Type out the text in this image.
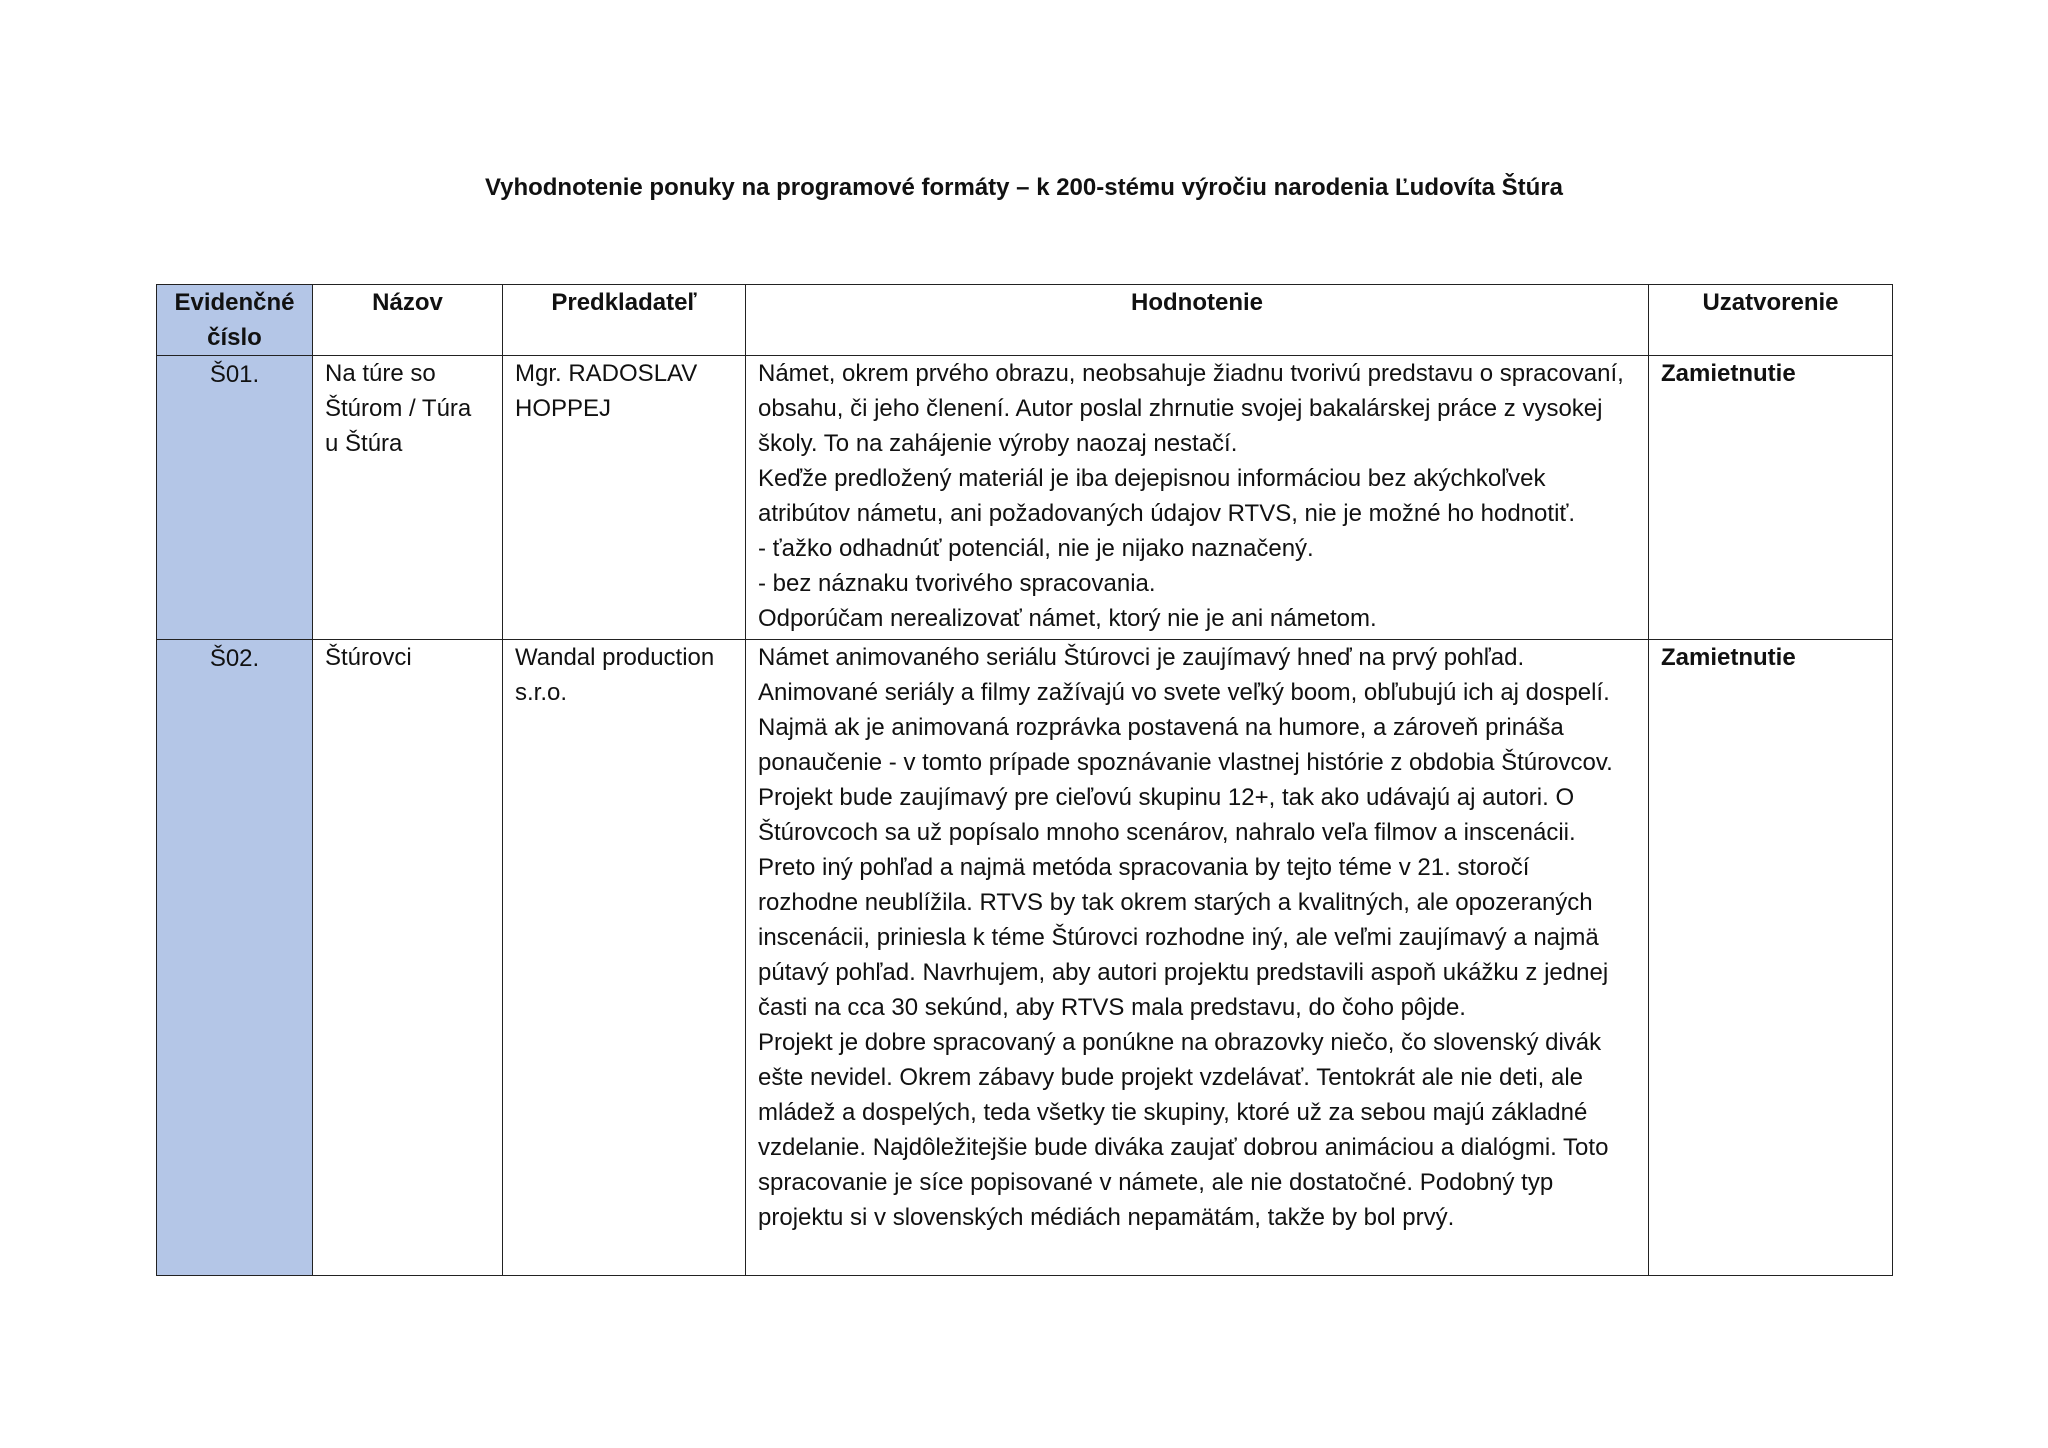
Vyhodnotenie ponuky na programové formáty – k 200-stému výročiu narodenia Ľudovíta Štúra
Evidenčné číslo	Názov	Predkladateľ	Hodnotenie	Uzatvorenie
Š01.	Na túre so Štúrom / Túra u Štúra	Mgr. RADOSLAV HOPPEJ	Námet, okrem prvého obrazu, neobsahuje žiadnu tvorivú predstavu o spracovaní, obsahu, či jeho členení. Autor poslal zhrnutie svojej bakalárskej práce z vysokej školy. To na zahájenie výroby naozaj nestačí.
Keďže predložený materiál je iba dejepisnou informáciou bez akýchkoľvek atribútov námetu, ani požadovaných údajov RTVS, nie je možné ho hodnotiť.
- ťažko odhadnúť potenciál, nie je nijako naznačený.
- bez náznaku tvorivého spracovania.
Odporúčam nerealizovať námet, ktorý nie je ani námetom.	Zamietnutie
Š02.	Štúrovci	Wandal production s.r.o.	Námet animovaného seriálu Štúrovci je zaujímavý hneď na prvý pohľad. Animované seriály a filmy zažívajú vo svete veľký boom, obľubujú ich aj dospelí. Najmä ak je animovaná rozprávka postavená na humore, a zároveň prináša ponaučenie - v tomto prípade spoznávanie vlastnej histórie z obdobia Štúrovcov. Projekt bude zaujímavý pre cieľovú skupinu 12+, tak ako udávajú aj autori. O Štúrovcoch sa už popísalo mnoho scenárov, nahralo veľa filmov a inscenácii. Preto iný pohľad a najmä metóda spracovania by tejto téme v 21. storočí rozhodne neublížila. RTVS by tak okrem starých a kvalitných, ale opozeraných inscenácii, priniesla k téme Štúrovci rozhodne iný, ale veľmi zaujímavý a najmä pútavý pohľad. Navrhujem, aby autori projektu predstavili aspoň ukážku z jednej časti na cca 30 sekúnd, aby RTVS mala predstavu, do čoho pôjde.
Projekt je dobre spracovaný a ponúkne na obrazovky niečo, čo slovenský divák ešte nevidel. Okrem zábavy bude projekt vzdelávať. Tentokrát ale nie deti, ale mládež a dospelých, teda všetky tie skupiny, ktoré už za sebou majú základné vzdelanie. Najdôležitejšie bude diváka zaujať dobrou animáciou a dialógmi. Toto spracovanie je síce popisované v námete, ale nie dostatočné. Podobný typ projektu si v slovenských médiách nepamätám, takže by bol prvý.	Zamietnutie
